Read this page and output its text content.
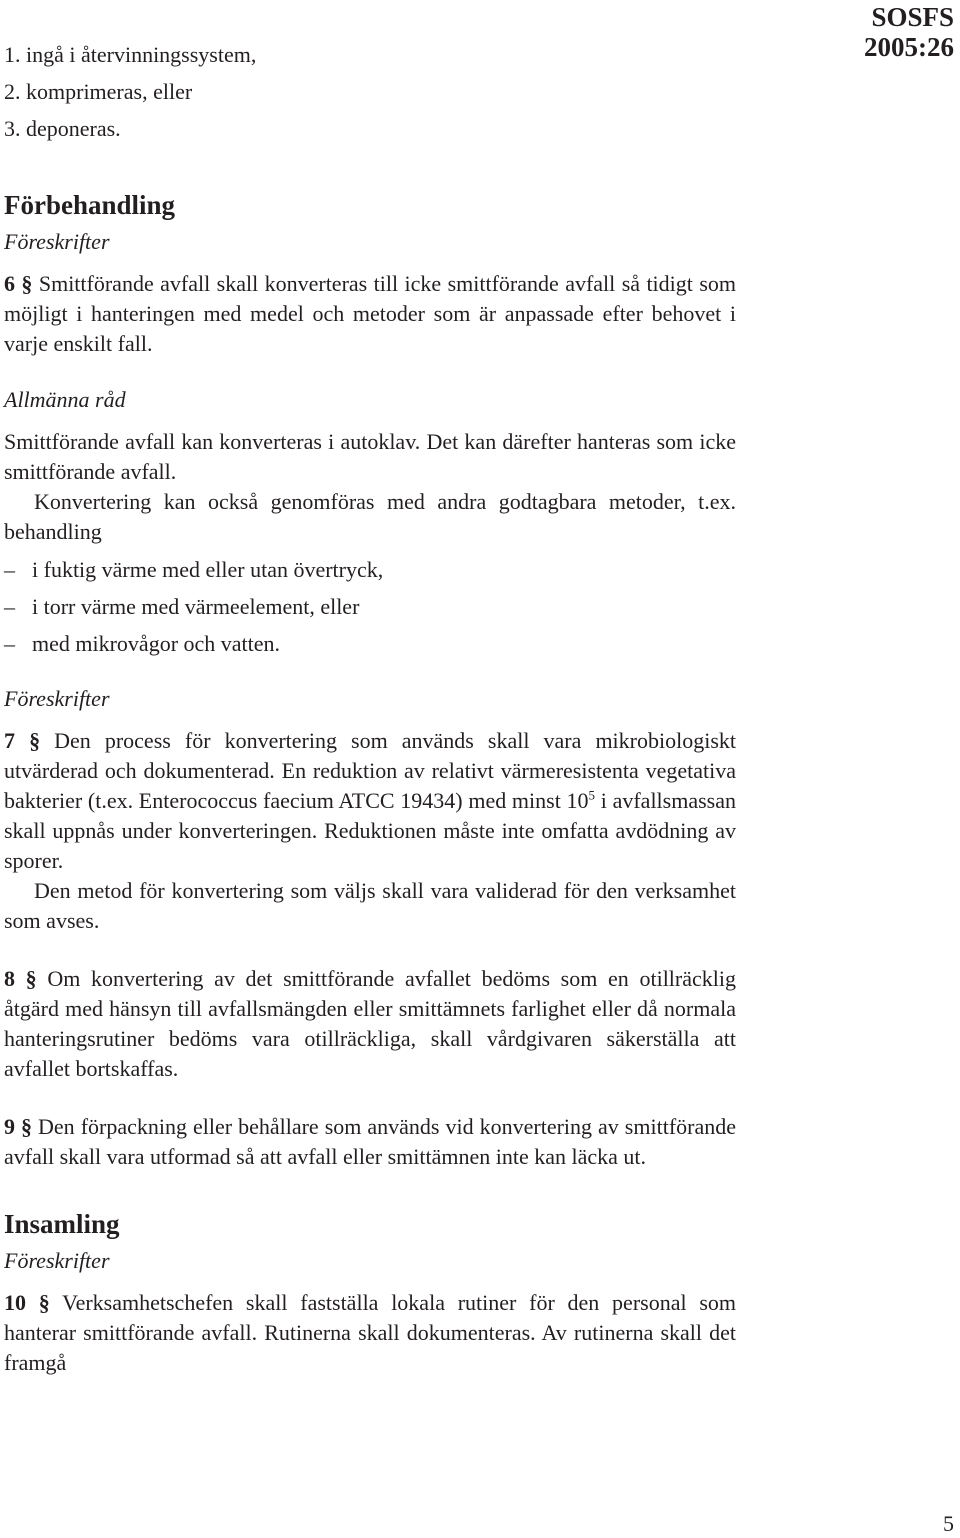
SOSFS
2005:26
1. ingå i återvinningssystem,
2. komprimeras, eller
3. deponeras.
Förbehandling
Föreskrifter
6 § Smittförande avfall skall konverteras till icke smittförande avfall så tidigt som möjligt i hanteringen med medel och metoder som är anpassade efter behovet i varje enskilt fall.
Allmänna råd
Smittförande avfall kan konverteras i autoklav. Det kan därefter hanteras som icke smittförande avfall.
Konvertering kan också genomföras med andra godtagbara metoder, t.ex. behandling
– i fuktig värme med eller utan övertryck,
– i torr värme med värmeelement, eller
– med mikrovågor och vatten.
Föreskrifter
7 § Den process för konvertering som används skall vara mikrobiologiskt utvärderad och dokumenterad. En reduktion av relativt värmeresistenta vegetativa bakterier (t.ex. Enterococcus faecium ATCC 19434) med minst $10^5$ i avfallsmassan skall uppnås under konverteringen. Reduktionen måste inte omfatta avdödning av sporer.
Den metod för konvertering som väljs skall vara validerad för den verksamhet som avses.
8 § Om konvertering av det smittförande avfallet bedöms som en otillräcklig åtgärd med hänsyn till avfallsmängden eller smittämnets farlighet eller då normala hanteringsrutiner bedöms vara otillräckliga, skall vårdgivaren säkerställa att avfallet bortskaffas.
9 § Den förpackning eller behållare som används vid konvertering av smittförande avfall skall vara utformad så att avfall eller smittämnen inte kan läcka ut.
Insamling
Föreskrifter
10 § Verksamhetschefen skall fastställa lokala rutiner för den personal som hanterar smittförande avfall. Rutinerna skall dokumenteras. Av rutinerna skall det framgå
5
